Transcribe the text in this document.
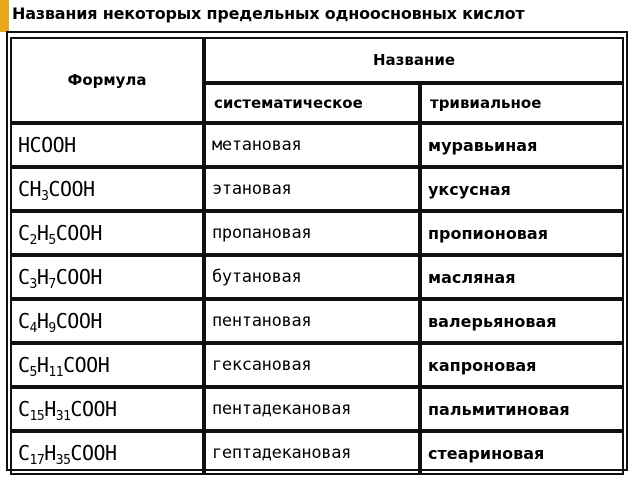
Названия некоторых предельных одноосновных кислот
Формула	Название	
	систематическое	тривиальное
HCOOH	метановая	муравьиная
$CH_3COOH$	этановая	уксусная
$C_2H_5COOH$	пропановая	пропионовая
$C_3H_7COOH$	бутановая	масляная
$C_4H_9COOH$	пентановая	валерьяновая
$C_5H_{11}COOH$	гексановая	капроновая
$C_{15}H_{31}COOH$	пентадекановая	пальмитиновая
$C_{17}H_{35}COOH$	гептадекановая	стеариновая
